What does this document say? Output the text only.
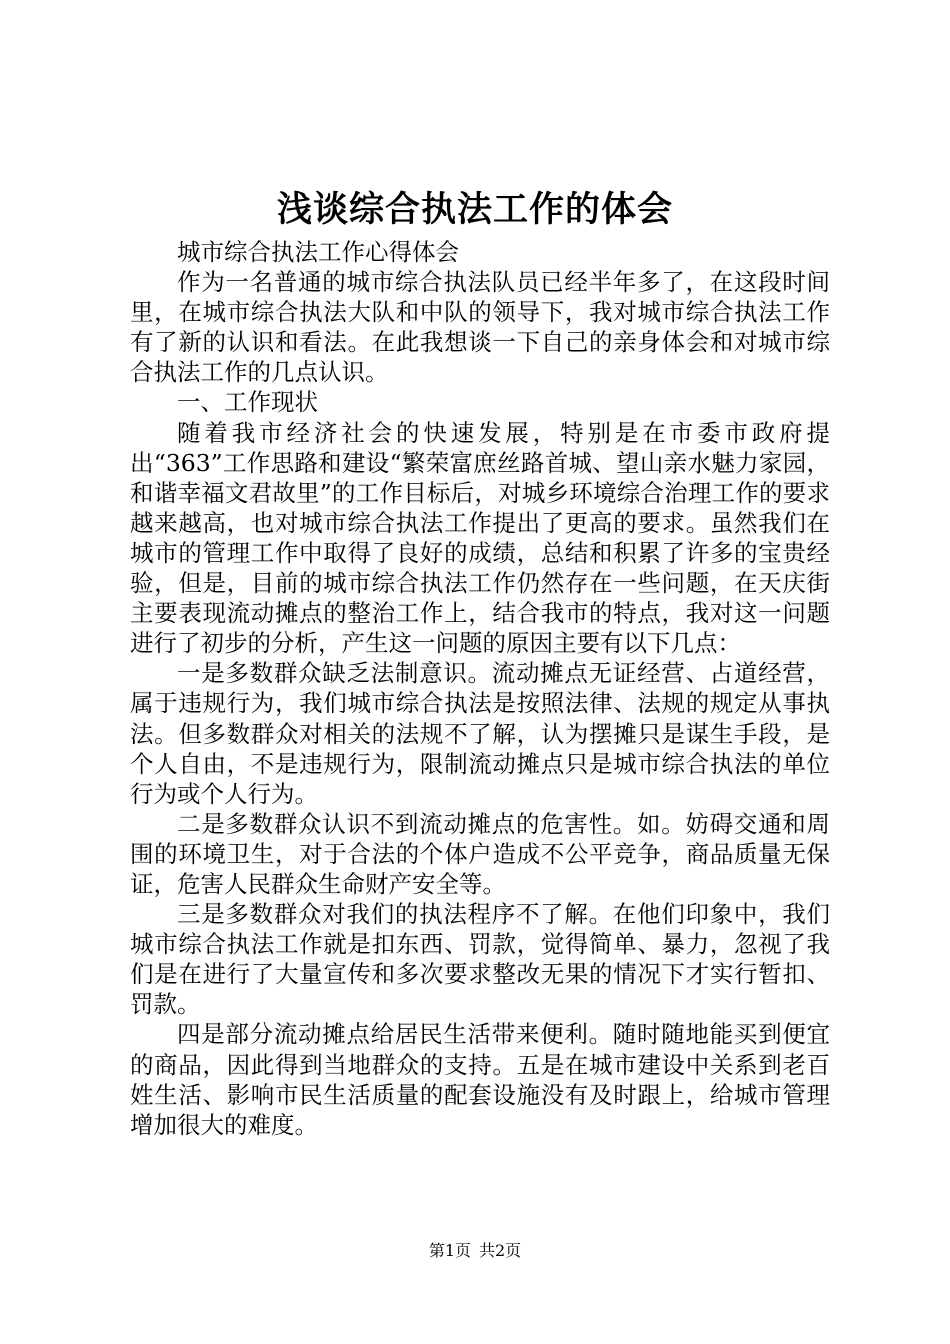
浅谈综合执法工作的体会

城市综合执法工作心得体会

作为一名普通的城市综合执法队员已经半年多了，在这段时间里，在城市综合执法大队和中队的领导下，我对城市综合执法工作有了新的认识和看法。在此我想谈一下自己的亲身体会和对城市综合执法工作的几点认识。

一、工作现状

随着我市经济社会的快速发展，特别是在市委市政府提出“363”工作思路和建设“繁荣富庶丝路首城、望山亲水魅力家园，和谐幸福文君故里”的工作目标后，对城乡环境综合治理工作的要求越来越高，也对城市综合执法工作提出了更高的要求。虽然我们在城市的管理工作中取得了良好的成绩，总结和积累了许多的宝贵经验，但是，目前的城市综合执法工作仍然存在一些问题，在天庆街主要表现流动摊点的整治工作上，结合我市的特点，我对这一问题进行了初步的分析，产生这一问题的原因主要有以下几点：

一是多数群众缺乏法制意识。流动摊点无证经营、占道经营，属于违规行为，我们城市综合执法是按照法律、法规的规定从事执法。但多数群众对相关的法规不了解，认为摆摊只是谋生手段，是个人自由，不是违规行为，限制流动摊点只是城市综合执法的单位行为或个人行为。

二是多数群众认识不到流动摊点的危害性。如。妨碍交通和周围的环境卫生，对于合法的个体户造成不公平竞争，商品质量无保证，危害人民群众生命财产安全等。

三是多数群众对我们的执法程序不了解。在他们印象中，我们城市综合执法工作就是扣东西、罚款，觉得简单、暴力，忽视了我们是在进行了大量宣传和多次要求整改无果的情况下才实行暂扣、罚款。

四是部分流动摊点给居民生活带来便利。随时随地能买到便宜的商品，因此得到当地群众的支持。五是在城市建设中关系到老百姓生活、影响市民生活质量的配套设施没有及时跟上，给城市管理增加很大的难度。

第1页 共2页
